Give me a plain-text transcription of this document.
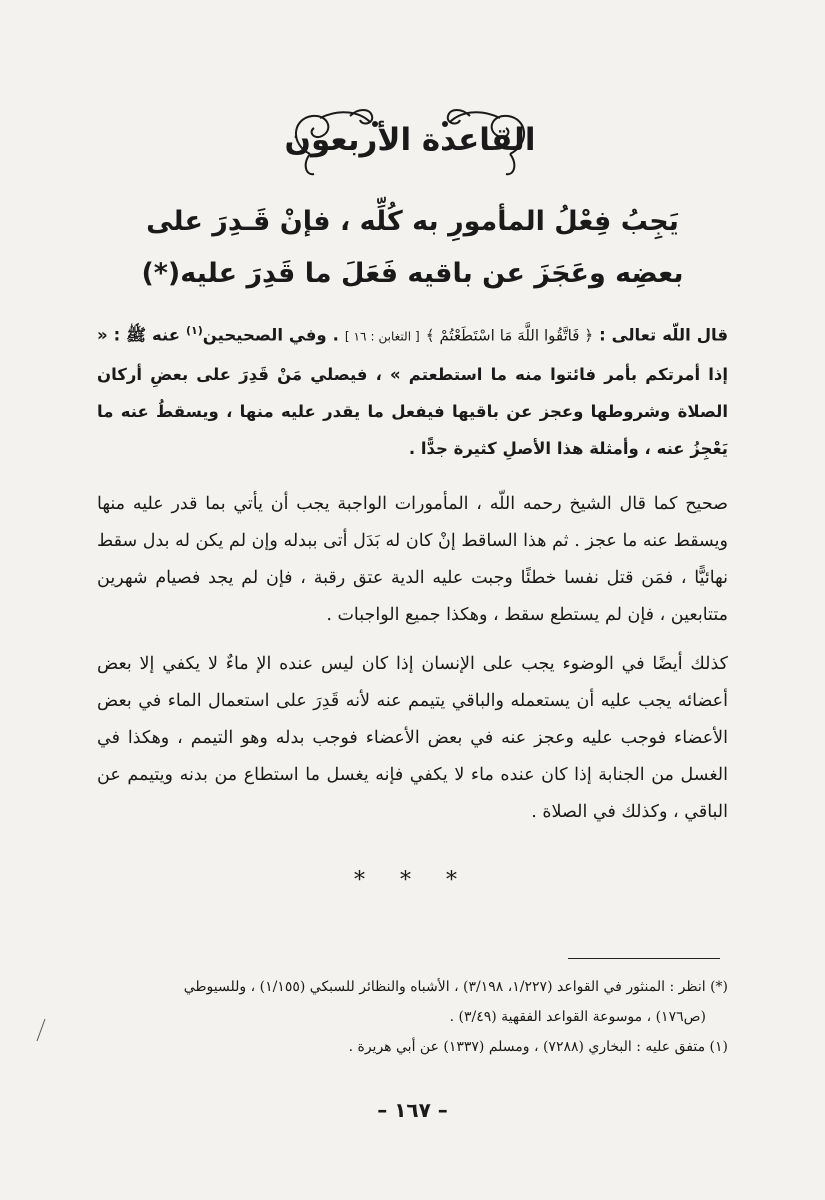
القاعدة الأربعون
يَجِبُ فِعْلُ المأمورِ به كُلِّه ، فإنْ قَـدِرَ على
بعضِه وعَجَزَ عن باقيه فَعَلَ ما قَدِرَ عليه(*)
قال اللّه تعالى : ﴿ فَاتَّقُوا اللَّهَ مَا اسْتَطَعْتُمْ ﴾ [ التغابن : ١٦ ] . وفي الصحيحين$^{(١)}$ عنه ﷺ : « إذا أمرتكم بأمر فائتوا منه ما استطعتم » ، فيصلي مَنْ قَدِرَ على بعضِ أركان الصلاة وشروطها وعجز عن باقيها فيفعل ما يقدر عليه منها ، ويسقطُ عنه ما يَعْجِزُ عنه ، وأمثلة هذا الأصلِ كثيرة جدًّا .
صحيح كما قال الشيخ رحمه اللّه ، المأمورات الواجبة يجب أن يأتي بما قدر عليه منها ويسقط عنه ما عجز . ثم هذا الساقط إنْ كان له بَدَل أتى ببدله وإن لم يكن له بدل سقط نهائيًّا ، فمَن قتل نفسا خطئًا وجبت عليه الدية عتق رقبة ، فإن لم يجد فصيام شهرين متتابعين ، فإن لم يستطع سقط ، وهكذا جميع الواجبات .
كذلك أيضًا في الوضوء يجب على الإنسان إذا كان ليس عنده الإ ماءٌ لا يكفي إلا بعض أعضائه يجب عليه أن يستعمله والباقي يتيمم عنه لأنه قَدِرَ على استعمال الماء في بعض الأعضاء فوجب عليه وعجز عنه في بعض الأعضاء فوجب بدله وهو التيمم ، وهكذا في الغسل من الجنابة إذا كان عنده ماء لا يكفي فإنه يغسل ما استطاع من بدنه ويتيمم عن الباقي ، وكذلك في الصلاة .
* * *

(*) انظر : المنثور في القواعد (١/٢٢٧، ٣/١٩٨) ، الأشباه والنظائر للسبكي (١/١٥٥) ، وللسيوطي

(ص١٧٦) ، موسوعة القواعد الفقهية (٣/٤٩) .

(١) متفق عليه : البخاري (٧٢٨٨) ، ومسلم (١٣٣٧) عن أبي هريرة .

– ١٦٧ –
